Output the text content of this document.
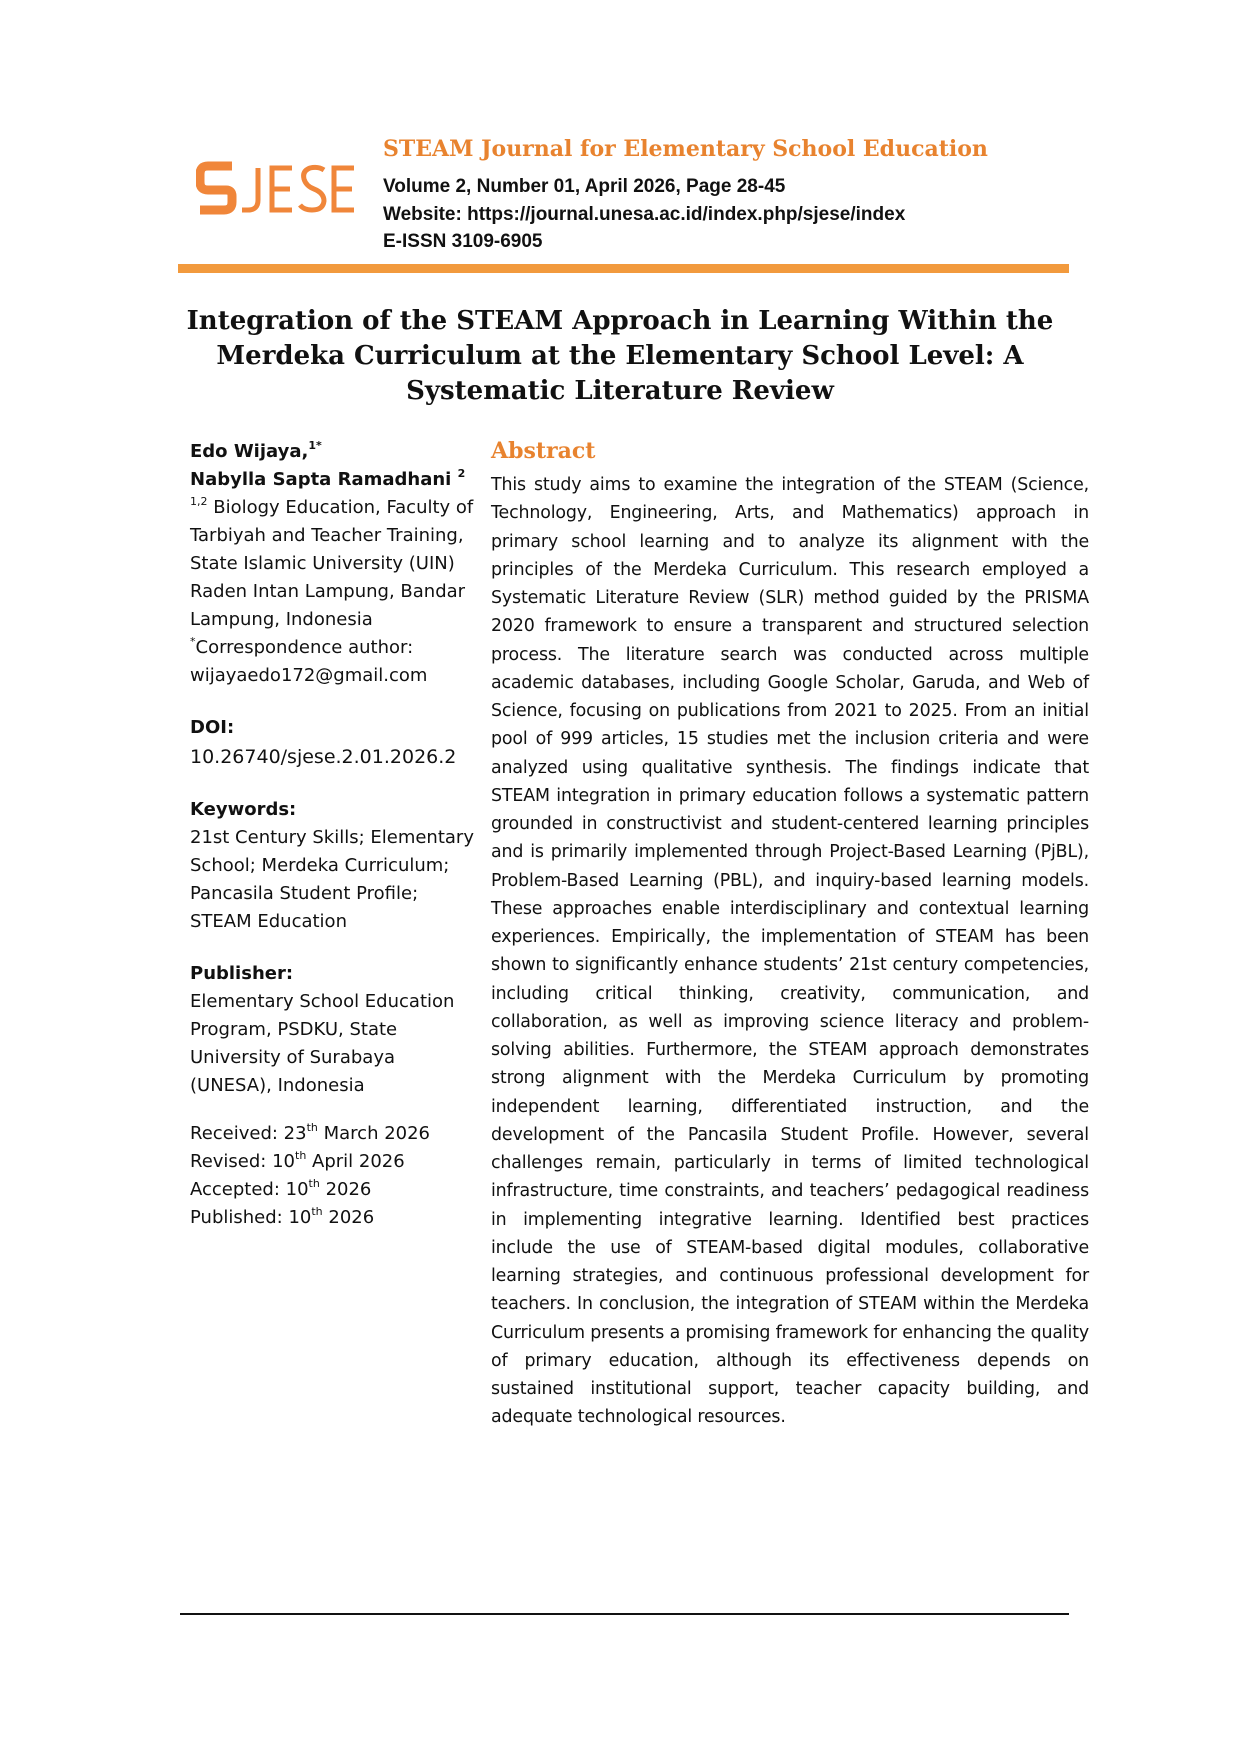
STEAM Journal for Elementary School Education
Volume 2, Number 01, April 2026, Page 28-45
Website: https://journal.unesa.ac.id/index.php/sjese/index
E-ISSN 3109-6905
Integration of the STEAM Approach in Learning Within the Merdeka Curriculum at the Elementary School Level: A Systematic Literature Review
Edo Wijaya,$^{1*}$
Nabylla Sapta Ramadhani $^2$
$^{1,2}$ Biology Education, Faculty of Tarbiyah and Teacher Training, State Islamic University (UIN) Raden Intan Lampung, Bandar Lampung, Indonesia
*Correspondence author:
wijayaedo172@gmail.com
DOI:
10.26740/sjese.2.01.2026.2
Keywords:
21st Century Skills; Elementary School; Merdeka Curriculum; Pancasila Student Profile; STEAM Education
Publisher:
Elementary School Education Program, PSDKU, State University of Surabaya (UNESA), Indonesia
Received: 23th March 2026
Revised: 10th April 2026
Accepted: 10th 2026
Published: 10th 2026
Abstract
This study aims to examine the integration of the STEAM (Science, Technology, Engineering, Arts, and Mathematics) approach in primary school learning and to analyze its alignment with the principles of the Merdeka Curriculum. This research employed a Systematic Literature Review (SLR) method guided by the PRISMA 2020 framework to ensure a transparent and structured selection process. The literature search was conducted across multiple academic databases, including Google Scholar, Garuda, and Web of Science, focusing on publications from 2021 to 2025. From an initial pool of 999 articles, 15 studies met the inclusion criteria and were analyzed using qualitative synthesis. The findings indicate that STEAM integration in primary education follows a systematic pattern grounded in constructivist and student-centered learning principles and is primarily implemented through Project-Based Learning (PjBL), Problem-Based Learning (PBL), and inquiry-based learning models. These approaches enable interdisciplinary and contextual learning experiences. Empirically, the implementation of STEAM has been shown to significantly enhance students’ 21st century competencies, including critical thinking, creativity, communication, and collaboration, as well as improving science literacy and problem-solving abilities. Furthermore, the STEAM approach demonstrates strong alignment with the Merdeka Curriculum by promoting independent learning, differentiated instruction, and the development of the Pancasila Student Profile. However, several challenges remain, particularly in terms of limited technological infrastructure, time constraints, and teachers’ pedagogical readiness in implementing integrative learning. Identified best practices include the use of STEAM-based digital modules, collaborative learning strategies, and continuous professional development for teachers. In conclusion, the integration of STEAM within the Merdeka Curriculum presents a promising framework for enhancing the quality of primary education, although its effectiveness depends on sustained institutional support, teacher capacity building, and adequate technological resources.
